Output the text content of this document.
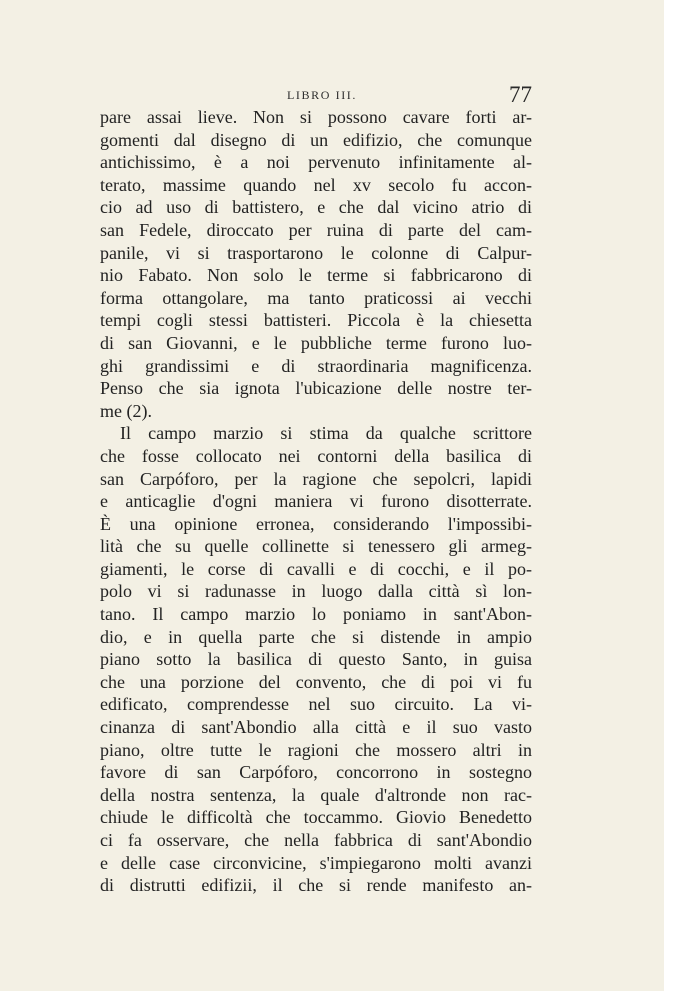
LIBRO III.	77
pare assai lieve. Non si possono cavare forti ar-
gomenti dal disegno di un edifizio, che comunque
antichissimo, è a noi pervenuto infinitamente al-
terato, massime quando nel xv secolo fu accon-
cio ad uso di battistero, e che dal vicino atrio di
san Fedele, diroccato per ruina di parte del cam-
panile, vi si trasportarono le colonne di Calpur-
nio Fabato. Non solo le terme si fabbricarono di
forma ottangolare, ma tanto praticossi ai vecchi
tempi cogli stessi battisteri. Piccola è la chiesetta
di san Giovanni, e le pubbliche terme furono luo-
ghi grandissimi e di straordinaria magnificenza.
Penso che sia ignota l'ubicazione delle nostre ter-
me (2).
Il campo marzio si stima da qualche scrittore
che fosse collocato nei contorni della basilica di
san Carpóforo, per la ragione che sepolcri, lapidi
e anticaglie d'ogni maniera vi furono disotterrate.
È una opinione erronea, considerando l'impossibi-
lità che su quelle collinette si tenessero gli armeg-
giamenti, le corse di cavalli e di cocchi, e il po-
polo vi si radunasse in luogo dalla città sì lon-
tano. Il campo marzio lo poniamo in sant'Abon-
dio, e in quella parte che si distende in ampio
piano sotto la basilica di questo Santo, in guisa
che una porzione del convento, che di poi vi fu
edificato, comprendesse nel suo circuito. La vi-
cinanza di sant'Abondio alla città e il suo vasto
piano, oltre tutte le ragioni che mossero altri in
favore di san Carpóforo, concorrono in sostegno
della nostra sentenza, la quale d'altronde non rac-
chiude le difficoltà che toccammo. Giovio Benedetto
ci fa osservare, che nella fabbrica di sant'Abondio
e delle case circonvicine, s'impiegarono molti avanzi
di distrutti edifizii, il che si rende manifesto an-
